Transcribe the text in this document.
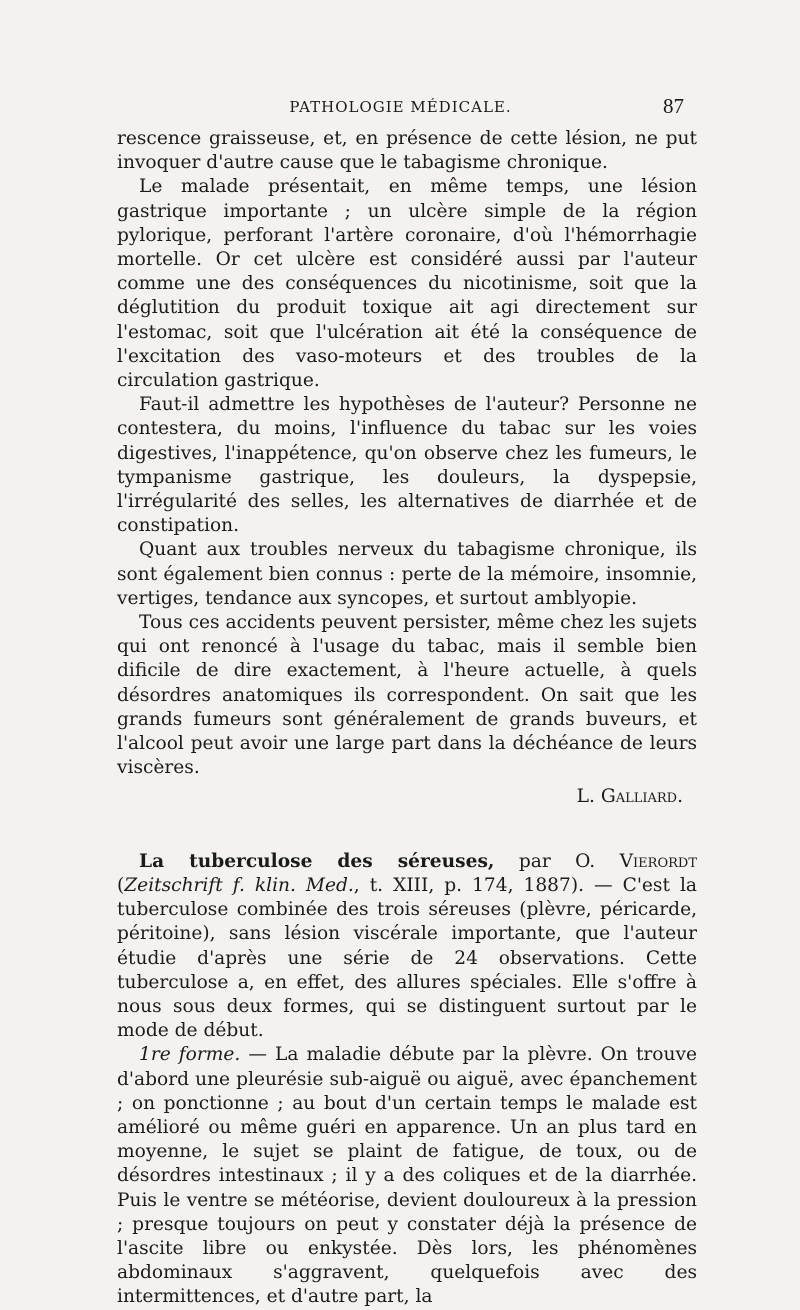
PATHOLOGIE MÉDICALE.	87

rescence graisseuse, et, en présence de cette lésion, ne put invoquer d'autre cause que le tabagisme chronique.

Le malade présentait, en même temps, une lésion gastrique importante ; un ulcère simple de la région pylorique, perforant l'artère coronaire, d'où l'hémorrhagie mortelle. Or cet ulcère est considéré aussi par l'auteur comme une des conséquences du nicotinisme, soit que la déglutition du produit toxique ait agi directement sur l'estomac, soit que l'ulcération ait été la conséquence de l'excitation des vaso-moteurs et des troubles de la circulation gastrique.

Faut-il admettre les hypothèses de l'auteur? Personne ne contestera, du moins, l'influence du tabac sur les voies digestives, l'inappétence, qu'on observe chez les fumeurs, le tympanisme gastrique, les douleurs, la dyspepsie, l'irrégularité des selles, les alternatives de diarrhée et de constipation.

Quant aux troubles nerveux du tabagisme chronique, ils sont également bien connus : perte de la mémoire, insomnie, vertiges, tendance aux syncopes, et surtout amblyopie.

Tous ces accidents peuvent persister, même chez les sujets qui ont renoncé à l'usage du tabac, mais il semble bien dificile de dire exactement, à l'heure actuelle, à quels désordres anatomiques ils correspondent. On sait que les grands fumeurs sont généralement de grands buveurs, et l'alcool peut avoir une large part dans la déchéance de leurs viscères.

L. Galliard.

La tuberculose des séreuses, par O. Vierordt (Zeitschrift f. klin. Med., t. XIII, p. 174, 1887). — C'est la tuberculose combinée des trois séreuses (plèvre, péricarde, péritoine), sans lésion viscérale importante, que l'auteur étudie d'après une série de 24 observations. Cette tuberculose a, en effet, des allures spéciales. Elle s'offre à nous sous deux formes, qui se distinguent surtout par le mode de début.

1re forme. — La maladie débute par la plèvre. On trouve d'abord une pleurésie sub-aiguë ou aiguë, avec épanchement ; on ponctionne ; au bout d'un certain temps le malade est amélioré ou même guéri en apparence. Un an plus tard en moyenne, le sujet se plaint de fatigue, de toux, ou de désordres intestinaux ; il y a des coliques et de la diarrhée. Puis le ventre se météorise, devient douloureux à la pression ; presque toujours on peut y constater déjà la présence de l'ascite libre ou enkystée. Dès lors, les phénomènes abdominaux s'aggravent, quelquefois avec des intermittences, et d'autre part, la
